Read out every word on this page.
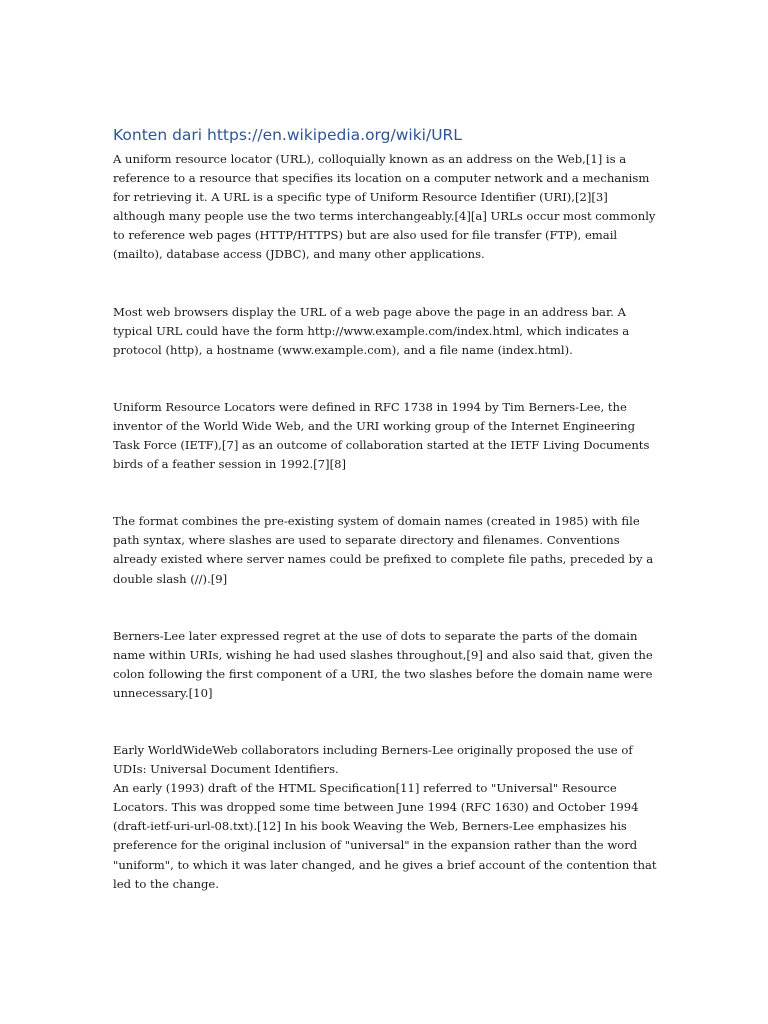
Konten dari https://en.wikipedia.org/wiki/URL

A uniform resource locator (URL), colloquially known as an address on the Web,[1] is a
reference to a resource that specifies its location on a computer network and a mechanism
for retrieving it. A URL is a specific type of Uniform Resource Identifier (URI),[2][3]
although many people use the two terms interchangeably.[4][a] URLs occur most commonly
to reference web pages (HTTP/HTTPS) but are also used for file transfer (FTP), email
(mailto), database access (JDBC), and many other applications.

Most web browsers display the URL of a web page above the page in an address bar. A
typical URL could have the form http://www.example.com/index.html, which indicates a
protocol (http), a hostname (www.example.com), and a file name (index.html).

Uniform Resource Locators were defined in RFC 1738 in 1994 by Tim Berners-Lee, the
inventor of the World Wide Web, and the URI working group of the Internet Engineering
Task Force (IETF),[7] as an outcome of collaboration started at the IETF Living Documents
birds of a feather session in 1992.[7][8]

The format combines the pre-existing system of domain names (created in 1985) with file
path syntax, where slashes are used to separate directory and filenames. Conventions
already existed where server names could be prefixed to complete file paths, preceded by a
double slash (//).[9]

Berners-Lee later expressed regret at the use of dots to separate the parts of the domain
name within URIs, wishing he had used slashes throughout,[9] and also said that, given the
colon following the first component of a URI, the two slashes before the domain name were
unnecessary.[10]

Early WorldWideWeb collaborators including Berners-Lee originally proposed the use of
UDIs: Universal Document Identifiers.
An early (1993) draft of the HTML Specification[11] referred to "Universal" Resource
Locators. This was dropped some time between June 1994 (RFC 1630) and October 1994
(draft-ietf-uri-url-08.txt).[12] In his book Weaving the Web, Berners-Lee emphasizes his
preference for the original inclusion of "universal" in the expansion rather than the word
"uniform", to which it was later changed, and he gives a brief account of the contention that
led to the change.
